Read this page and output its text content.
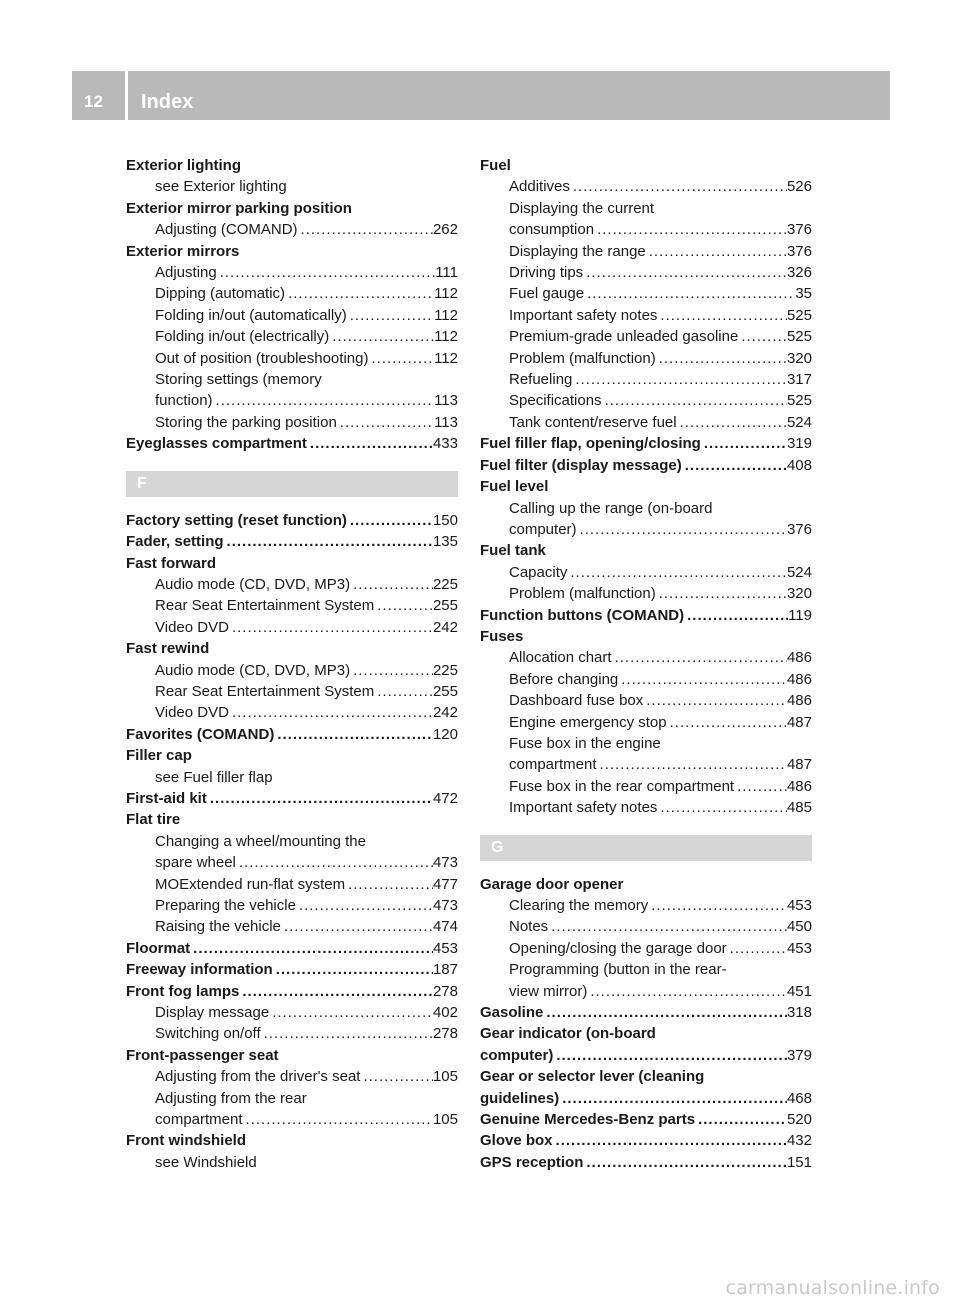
12 Index
Exterior lighting
see Exterior lighting
Exterior mirror parking position
Adjusting (COMAND) .....	262
Exterior mirrors
Adjusting .....	111
Dipping (automatic) .....	112
Folding in/out (automatically) .....	112
Folding in/out (electrically) .....	112
Out of position (troubleshooting) .....	112
Storing settings (memory
function) .....	113
Storing the parking position .....	113
Eyeglasses compartment .....	433
F
Factory setting (reset function) .....	150
Fader, setting .....	135
Fast forward
Audio mode (CD, DVD, MP3) .....	225
Rear Seat Entertainment System .....	255
Video DVD .....	242
Fast rewind
Audio mode (CD, DVD, MP3) .....	225
Rear Seat Entertainment System .....	255
Video DVD .....	242
Favorites (COMAND) .....	120
Filler cap
see Fuel filler flap
First-aid kit .....	472
Flat tire
Changing a wheel/mounting the
spare wheel .....	473
MOExtended run-flat system .....	477
Preparing the vehicle .....	473
Raising the vehicle .....	474
Floormat .....	453
Freeway information .....	187
Front fog lamps .....	278
Display message .....	402
Switching on/off .....	278
Front-passenger seat
Adjusting from the driver's seat .....	105
Adjusting from the rear
compartment .....	105
Front windshield
see Windshield
Fuel
Additives .....	526
Displaying the current
consumption .....	376
Displaying the range .....	376
Driving tips .....	326
Fuel gauge .....	35
Important safety notes .....	525
Premium-grade unleaded gasoline .....	525
Problem (malfunction) .....	320
Refueling .....	317
Specifications .....	525
Tank content/reserve fuel .....	524
Fuel filler flap, opening/closing .....	319
Fuel filter (display message) .....	408
Fuel level
Calling up the range (on-board
computer) .....	376
Fuel tank
Capacity .....	524
Problem (malfunction) .....	320
Function buttons (COMAND) .....	119
Fuses
Allocation chart .....	486
Before changing .....	486
Dashboard fuse box .....	486
Engine emergency stop .....	487
Fuse box in the engine
compartment .....	487
Fuse box in the rear compartment .....	486
Important safety notes .....	485
G
Garage door opener
Clearing the memory .....	453
Notes .....	450
Opening/closing the garage door .....	453
Programming (button in the rear-
view mirror) .....	451
Gasoline .....	318
Gear indicator (on-board
computer) .....	379
Gear or selector lever (cleaning
guidelines) .....	468
Genuine Mercedes-Benz parts .....	520
Glove box .....	432
GPS reception .....	151
carmanualsonline.info
